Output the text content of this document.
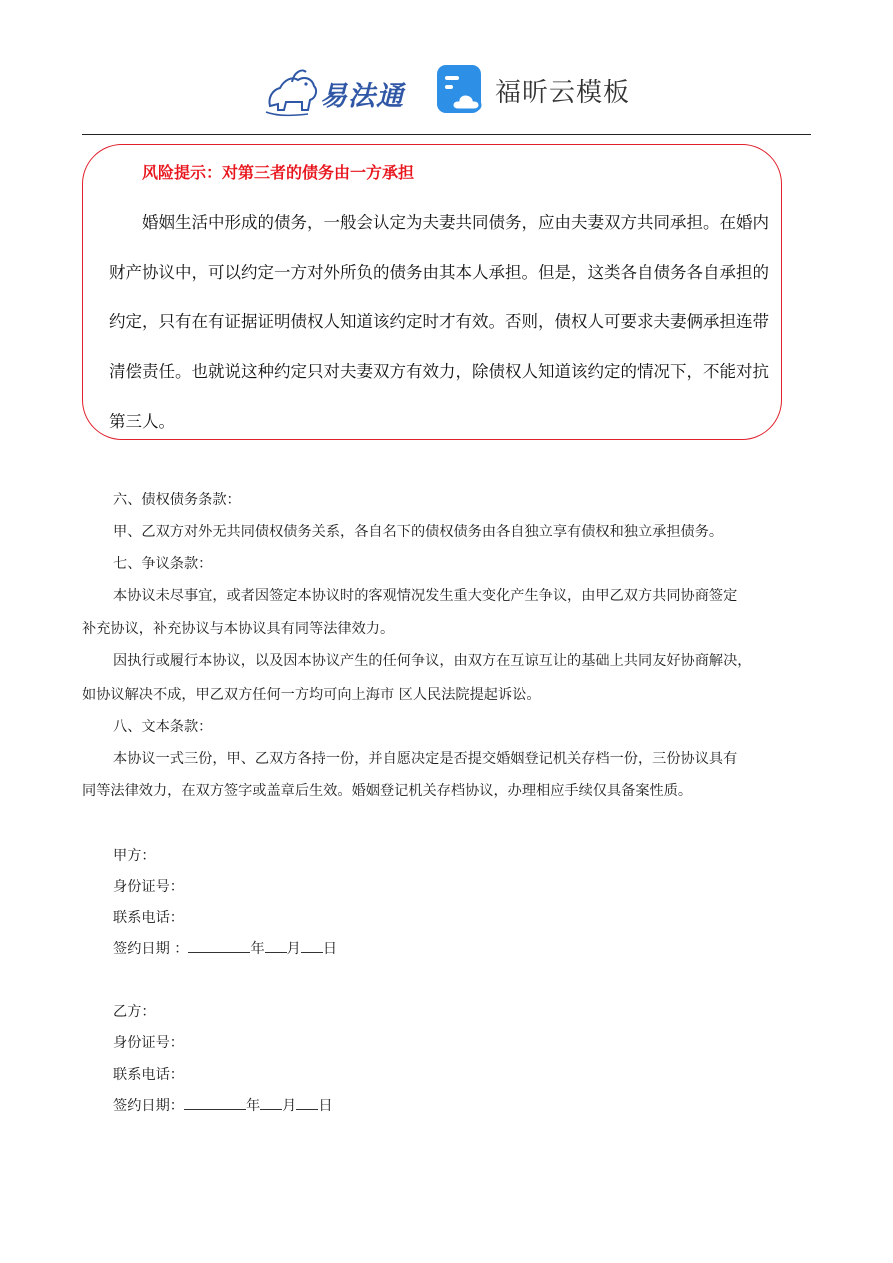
易法通	福昕云模板
风险提示：对第三者的债务由一方承担
婚姻生活中形成的债务，一般会认定为夫妻共同债务，应由夫妻双方共同承担。在婚内
财产协议中，可以约定一方对外所负的债务由其本人承担。但是，这类各自债务各自承担的
约定，只有在有证据证明债权人知道该约定时才有效。否则，债权人可要求夫妻俩承担连带
清偿责任。也就说这种约定只对夫妻双方有效力，除债权人知道该约定的情况下，不能对抗
第三人。
六、债权债务条款：
甲、乙双方对外无共同债权债务关系，各自名下的债权债务由各自独立享有债权和独立承担债务。
七、争议条款：
本协议未尽事宜，或者因签定本协议时的客观情况发生重大变化产生争议，由甲乙双方共同协商签定
补充协议，补充协议与本协议具有同等法律效力。
因执行或履行本协议，以及因本协议产生的任何争议，由双方在互谅互让的基础上共同友好协商解决，
如协议解决不成，甲乙双方任何一方均可向上海市 区人民法院提起诉讼。
八、文本条款：
本协议一式三份，甲、乙双方各持一份，并自愿决定是否提交婚姻登记机关存档一份，三份协议具有
同等法律效力，在双方签字或盖章后生效。婚姻登记机关存档协议，办理相应手续仅具备案性质。
甲方：
身份证号：
联系电话：
签约日期 ：	年 月 日
乙方：
身份证号：
联系电话：
签约日期：	年 月 日
